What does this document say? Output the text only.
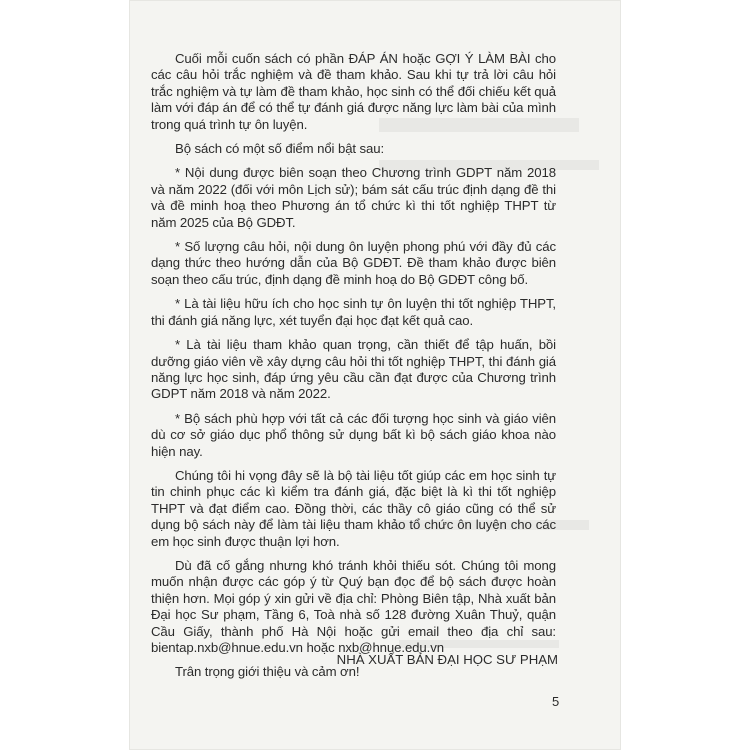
Cuối mỗi cuốn sách có phần ĐÁP ÁN hoặc GỢI Ý LÀM BÀI cho các câu hỏi trắc nghiệm và đề tham khảo. Sau khi tự trả lời câu hỏi trắc nghiệm và tự làm đề tham khảo, học sinh có thể đối chiếu kết quả làm với đáp án để có thể tự đánh giá được năng lực làm bài của mình trong quá trình tự ôn luyện.

Bộ sách có một số điểm nổi bật sau:

* Nội dung được biên soạn theo Chương trình GDPT năm 2018 và năm 2022 (đối với môn Lịch sử); bám sát cấu trúc định dạng đề thi và đề minh hoạ theo Phương án tổ chức kì thi tốt nghiệp THPT từ năm 2025 của Bộ GDĐT.

* Số lượng câu hỏi, nội dung ôn luyện phong phú với đầy đủ các dạng thức theo hướng dẫn của Bộ GDĐT. Đề tham khảo được biên soạn theo cấu trúc, định dạng đề minh hoạ do Bộ GDĐT công bố.

* Là tài liệu hữu ích cho học sinh tự ôn luyện thi tốt nghiệp THPT, thi đánh giá năng lực, xét tuyển đại học đạt kết quả cao.

* Là tài liệu tham khảo quan trọng, cần thiết để tập huấn, bồi dưỡng giáo viên về xây dựng câu hỏi thi tốt nghiệp THPT, thi đánh giá năng lực học sinh, đáp ứng yêu cầu cần đạt được của Chương trình GDPT năm 2018 và năm 2022.

* Bộ sách phù hợp với tất cả các đối tượng học sinh và giáo viên dù cơ sở giáo dục phổ thông sử dụng bất kì bộ sách giáo khoa nào hiện nay.

Chúng tôi hi vọng đây sẽ là bộ tài liệu tốt giúp các em học sinh tự tin chinh phục các kì kiểm tra đánh giá, đặc biệt là kì thi tốt nghiệp THPT và đạt điểm cao. Đồng thời, các thầy cô giáo cũng có thể sử dụng bộ sách này để làm tài liệu tham khảo tổ chức ôn luyện cho các em học sinh được thuận lợi hơn.

Dù đã cố gắng nhưng khó tránh khỏi thiếu sót. Chúng tôi mong muốn nhận được các góp ý từ Quý bạn đọc để bộ sách được hoàn thiện hơn. Mọi góp ý xin gửi về địa chỉ: Phòng Biên tập, Nhà xuất bản Đại học Sư phạm, Tầng 6, Toà nhà số 128 đường Xuân Thuỷ, quận Cầu Giấy, thành phố Hà Nội hoặc gửi email theo địa chỉ sau: bientap.nxb@hnue.edu.vn hoặc nxb@hnue.edu.vn

Trân trọng giới thiệu và cảm ơn!

NHÀ XUẤT BẢN ĐẠI HỌC SƯ PHẠM
5
